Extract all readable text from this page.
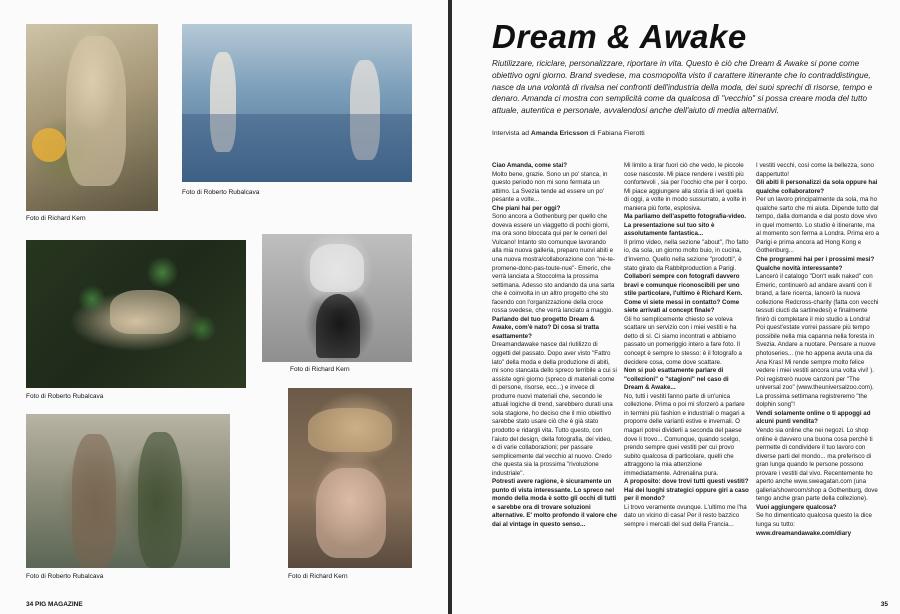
Foto di Richard Kern
Foto di Roberto Rubalcava
Foto di Roberto Rubalcava
Foto di Richard Kern
Foto di Roberto Rubalcava	Foto di Richard Kern
34 PIG MAGAZINE
Dream & Awake
Riutilizzare, riciclare, personalizzare, riportare in vita. Questo è ciò che Dream & Awake si pone come obiettivo ogni giorno. Brand svedese, ma cosmopolita visto il carattere itinerante che lo contraddistingue, nasce da una volontà di rivalsa nei confronti dell'industria della moda, dei suoi sprechi di risorse, tempo e denaro. Amanda ci mostra con semplicità come da qualcosa di "vecchio" si possa creare moda del tutto attuale, autentica e personale, avvalendosi anche dell'aiuto di media alternativi.
Intervista ad Amanda Ericsson di Fabiana Fierotti

Ciao Amanda, come stai?

Molto bene, grazie. Sono un po' stanca, in questo periodo non mi sono fermata un attimo. La Svezia tende ad essere un po' pesante a volte...

Che piani hai per oggi?

Sono ancora a Gothenburg per quello che doveva essere un viaggetto di pochi giorni, ma ora sono bloccata qui per le ceneri del Vulcano! Intanto sto comunque lavorando alla mia nuova galleria, preparo nuovi abiti e una nuova mostra/collaborazione con "ne-te-promene-donc-pas-toute-nue"- Emeric, che verrà lanciata a Stoccolma la prossima settimana. Adesso sto andando da una sarta che è coinvolta in un altro progetto che sto facendo con l'organizzazione della croce rossa svedese, che verrà lanciato a maggio.

Parlando del tuo progetto Dream & Awake, com'è nato? Di cosa si tratta esattamente?

Dreamandawake nasce dal riutilizzo di oggetti del passato. Dopo aver visto "Fattro lato" della moda e della produzione di abiti, mi sono stancata dello spreco terribile a cui si assiste ogni giorno (spreco di materiali come di persone, risorse, ecc...) e invece di produrre nuovi materiali che, secondo le attuali logiche di trend, sarebbero durati una sola stagione, ho deciso che il mio obiettivo sarebbe stato usare ciò che è già stato prodotto e ridargli vita. Tutto questo, con l'aiuto del design, della fotografia, dei video, e di varie collaborazioni; per passare semplicemente dal vecchio al nuovo. Credo che questa sia la prossima "rivoluzione industriale".

Potresti avere ragione, è sicuramente un punto di vista interessante. Lo spreco nel mondo della moda è sotto gli occhi di tutti e sarebbe ora di trovare soluzioni alternative. E' molto profondo il valore che dai al vintage in questo senso...

Mi limito a tirar fuori ciò che vedo, le piccole cose nascoste. Mi piace rendere i vestiti più confortevoli , sia per l'occhio che per il corpo. Mi piace aggiungere alla storia di ieri quella di oggi, a volte in modo sussurrato, a volte in maniera più forte, esplosiva.

Ma parliamo dell'aspetto fotografia-video. La presentazione sul tuo sito è assolutamente fantastica...

Il primo video, nella sezione "about", l'ho fatto io, da sola, un giorno molto buio, in cucina, d'inverno. Quello nella sezione "prodotti", è stato girato da Rabbitproduction a Parigi.

Collabori sempre con fotografi davvero bravi e comunque riconoscibili per uno stile particolare, l'ultimo è Richard Kern. Come vi siete messi in contatto? Come siete arrivati al concept finale?

Gli ho semplicemente chiesto se voleva scattare un servizio con i miei vestiti e ha detto di sì. Ci siamo incontrati e abbiamo passato un pomeriggio intero a fare foto. Il concept è sempre lo stesso: è il fotografo a decidere cosa, come dove scattare.

Non si può esattamente parlare di "collezioni" o "stagioni" nel caso di Dream & Awake...

No, tutti i vestiti fanno parte di un'unica collezione. Prima o poi mi sforzerò a parlare in termini più fashion e industriali o magari a proporre delle varianti estive e invernali. O magari potrei dividerli a seconda del paese dove li trovo... Comunque, quando scelgo, prendo sempre quei vestiti per cui provo subito qualcosa di particolare, quelli che attraggono la mia attenzione immediatamente. Adrenalina pura.

A proposito: dove trovi tutti questi vestiti? Hai dei luoghi strategici oppure giri a caso per il mondo?

Li trovo veramente ovunque. L'ultimo me l'ha dato un vicino di casa! Per il resto bazzico sempre i mercati del sud della Francia...

I vestiti vecchi, così come la bellezza, sono dappertutto!

Gli abiti li personalizzi da sola oppure hai qualche collaboratore?

Per un lavoro principalmente da sola, ma ho qualche sarto che mi aiuta. Dipende tutto dal tempo, dalla domanda e dal posto dove vivo in quel momento. Lo studio è itinerante, ma al momento son ferma a Londra. Prima ero a Parigi e prima ancora ad Hong Kong e Gothenburg...

Che programmi hai per i prossimi mesi? Qualche novità interessante?

Lancerò il catalogo "Don't walk naked" con Emeric, continuerò ad andare avanti con il brand, a fare ricerca, lancerò la nuova collezione Redcross-charity (fatta con vecchi tessuti ciucti da sartinedesi) e finalmente finirò di completare il mio studio a Londra! Poi quest'estate vorrei passare più tempo possibile nella mia capanna nella foresta in Svezia. Andare a nuotare. Pensare a nuove photoseries... (ne ho appena avuta una da Ana Kras! Mi rende sempre molto felice vedere i miei vestiti ancora una volta vivi! ). Poi registrerò nuove canzoni per "The universal zoo" (www.theuniversalzoo.com). La prossima settimana registreremo "the dolphin song"!

Vendi solamente online o ti appoggi ad alcuni punti vendita?

Vendo sia online che nei negozi. Lo shop online è davvero una buona cosa perchè ti permette di condividere il tuo lavoro con diverse parti del mondo... ma preferisco di gran lunga quando le persone possono provare i vestiti dal vivo. Recentemente ho aperto anche www.sweagatan.com (una galleria/showroom/shop a Gothenburg, dove tengo anche gran parte della collezione).

Vuoi aggiungere qualcosa?

Se ho dimenticato qualcosa questo la dice lunga su tutto:

www.dreamandawake.com/diary

35
